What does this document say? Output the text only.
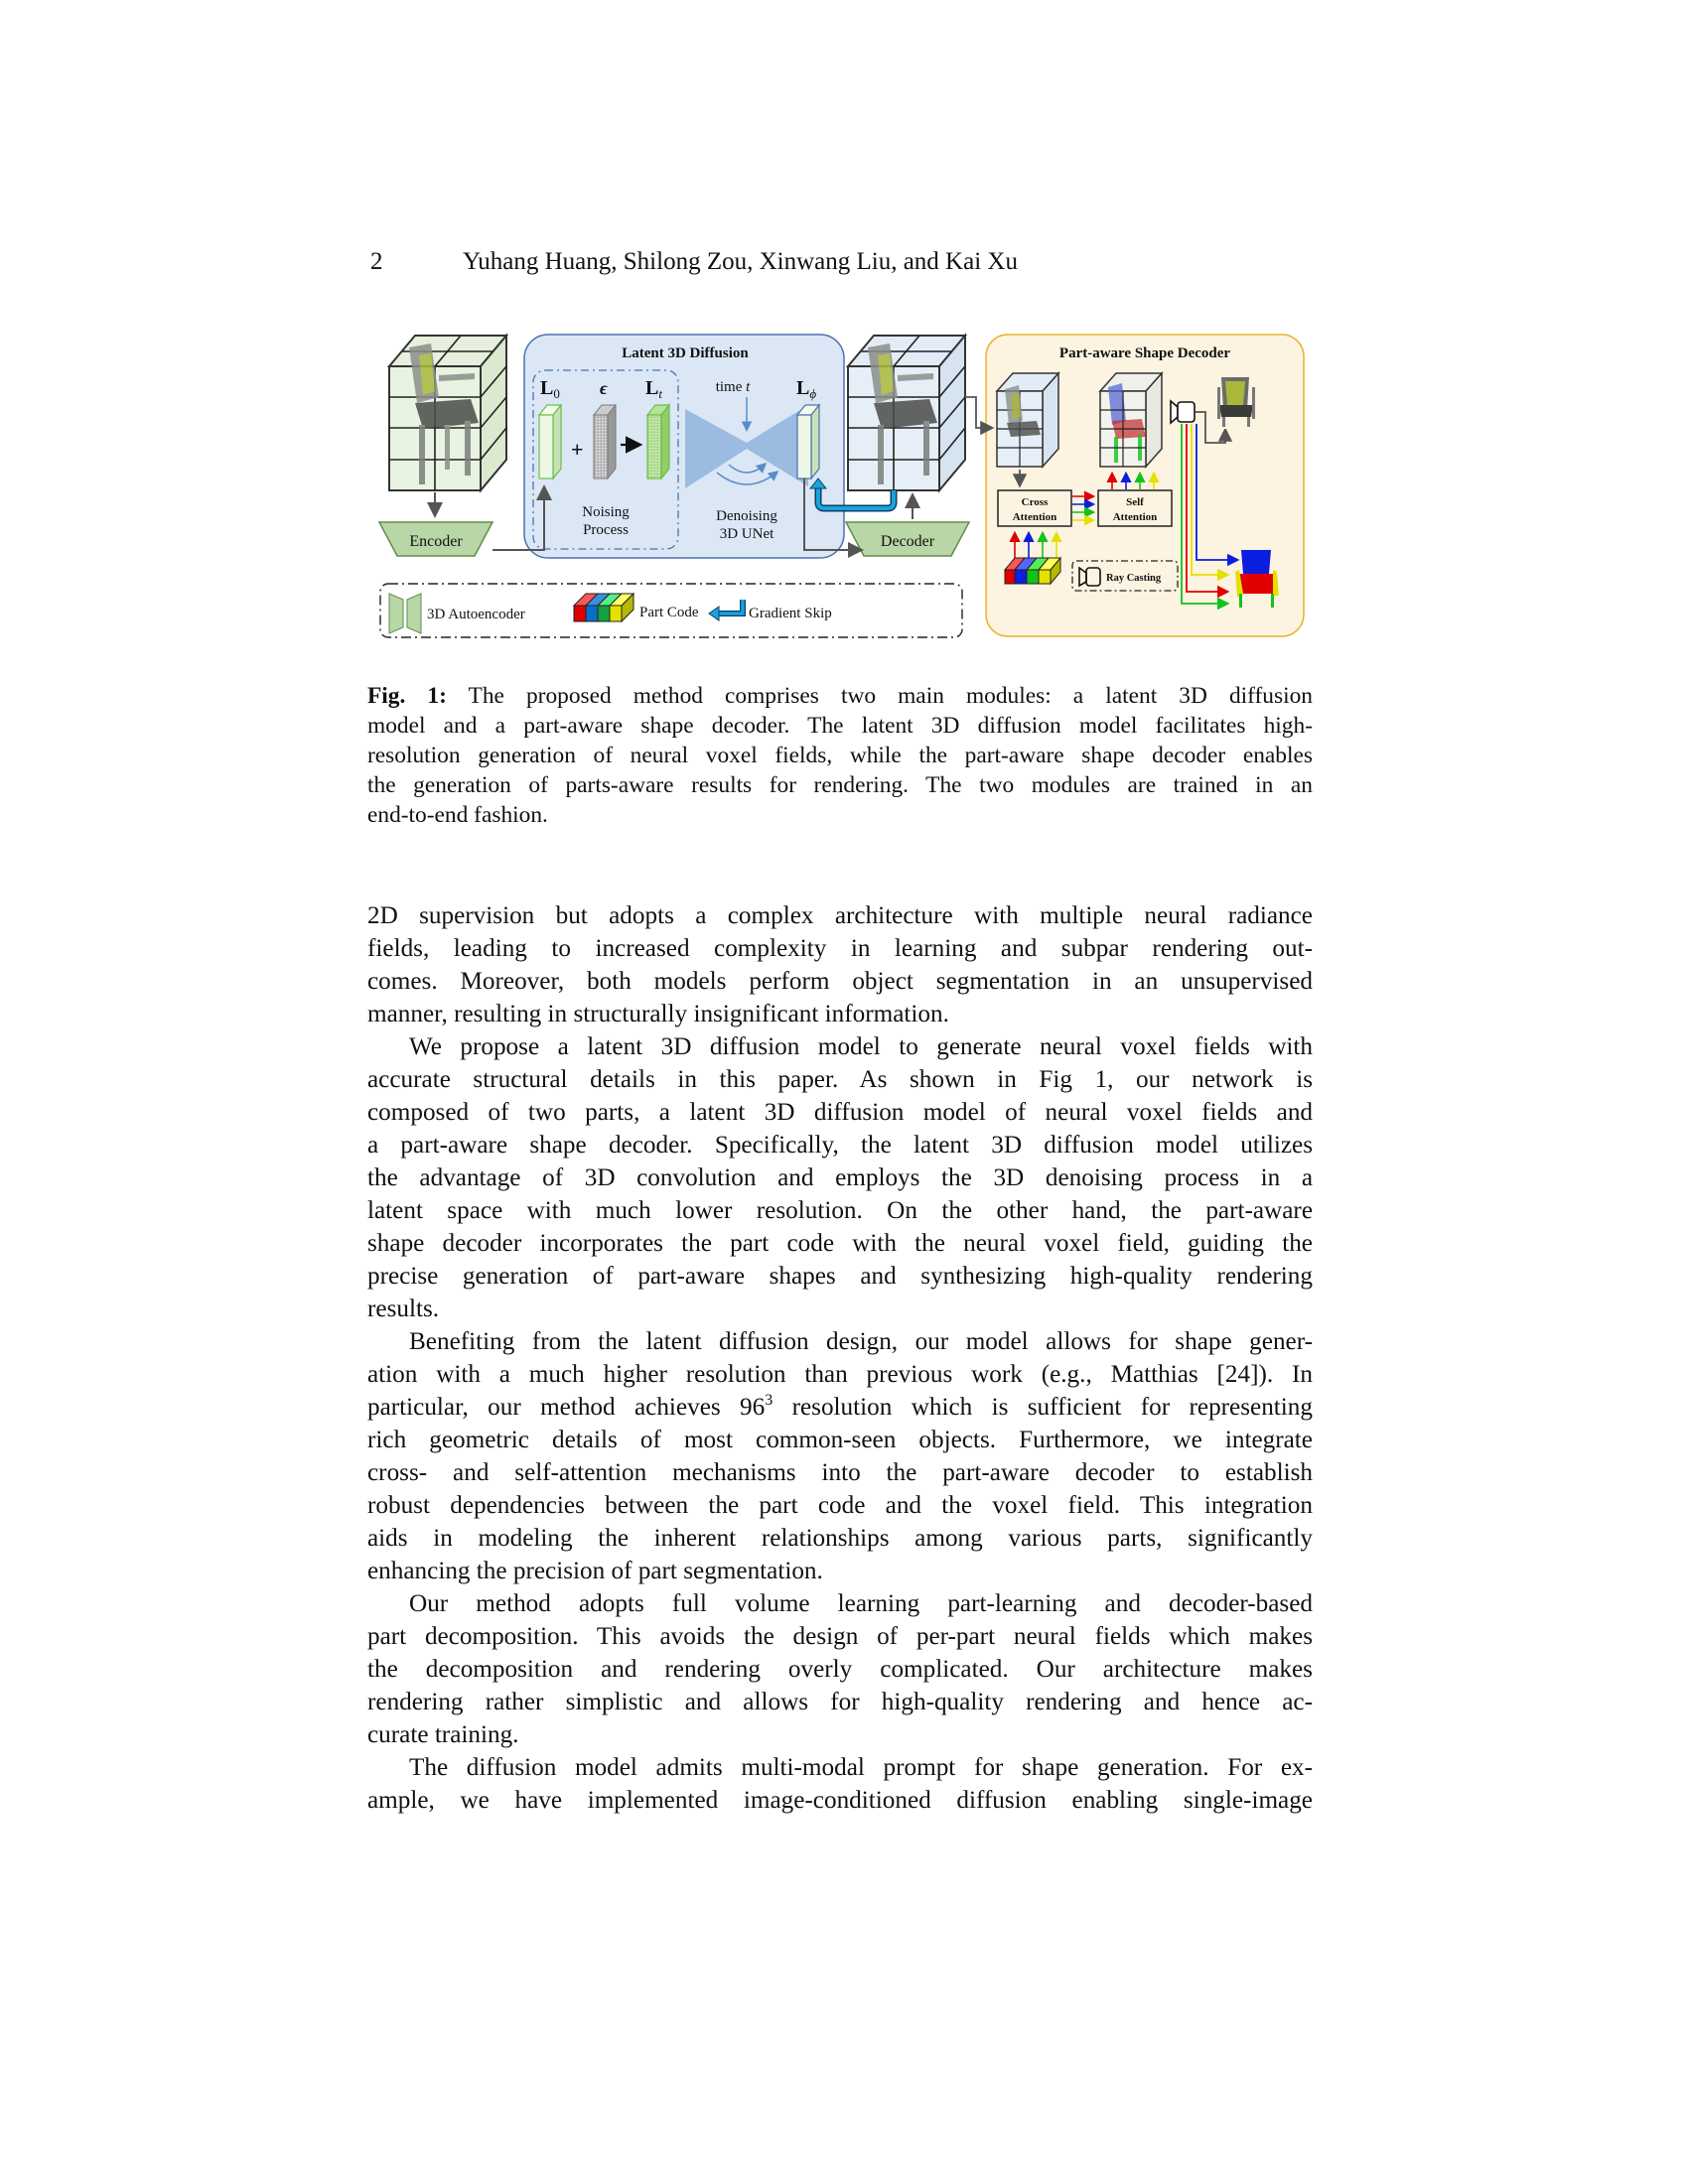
2	Yuhang Huang, Shilong Zou, Xinwang Liu, and Kai Xu
Encoder
Latent 3D Diffusion
$L_0$ ϵ $L_t$
+
Noising
Process
time t
Denoising
3D UNet
$L_\phi$
Decoder
Part-aware Shape Decoder
Cross
Attention
Self
Attention
Ray Casting
3D Autoencoder	Part Code	Gradient Skip
Fig. 1: The proposed method comprises two main modules: a latent 3D diffusion
model and a part-aware shape decoder. The latent 3D diffusion model facilitates high-
resolution generation of neural voxel fields, while the part-aware shape decoder enables
the generation of parts-aware results for rendering. The two modules are trained in an
end-to-end fashion.
2D supervision but adopts a complex architecture with multiple neural radiance
fields, leading to increased complexity in learning and subpar rendering out-
comes. Moreover, both models perform object segmentation in an unsupervised
manner, resulting in structurally insignificant information.
We propose a latent 3D diffusion model to generate neural voxel fields with
accurate structural details in this paper. As shown in Fig 1, our network is
composed of two parts, a latent 3D diffusion model of neural voxel fields and
a part-aware shape decoder. Specifically, the latent 3D diffusion model utilizes
the advantage of 3D convolution and employs the 3D denoising process in a
latent space with much lower resolution. On the other hand, the part-aware
shape decoder incorporates the part code with the neural voxel field, guiding the
precise generation of part-aware shapes and synthesizing high-quality rendering
results.
Benefiting from the latent diffusion design, our model allows for shape gener-
ation with a much higher resolution than previous work (e.g., Matthias [24]). In
particular, our method achieves $96^3$ resolution which is sufficient for representing
rich geometric details of most common-seen objects. Furthermore, we integrate
cross- and self-attention mechanisms into the part-aware decoder to establish
robust dependencies between the part code and the voxel field. This integration
aids in modeling the inherent relationships among various parts, significantly
enhancing the precision of part segmentation.
Our method adopts full volume learning part-learning and decoder-based
part decomposition. This avoids the design of per-part neural fields which makes
the decomposition and rendering overly complicated. Our architecture makes
rendering rather simplistic and allows for high-quality rendering and hence ac-
curate training.
The diffusion model admits multi-modal prompt for shape generation. For ex-
ample, we have implemented image-conditioned diffusion enabling single-image
